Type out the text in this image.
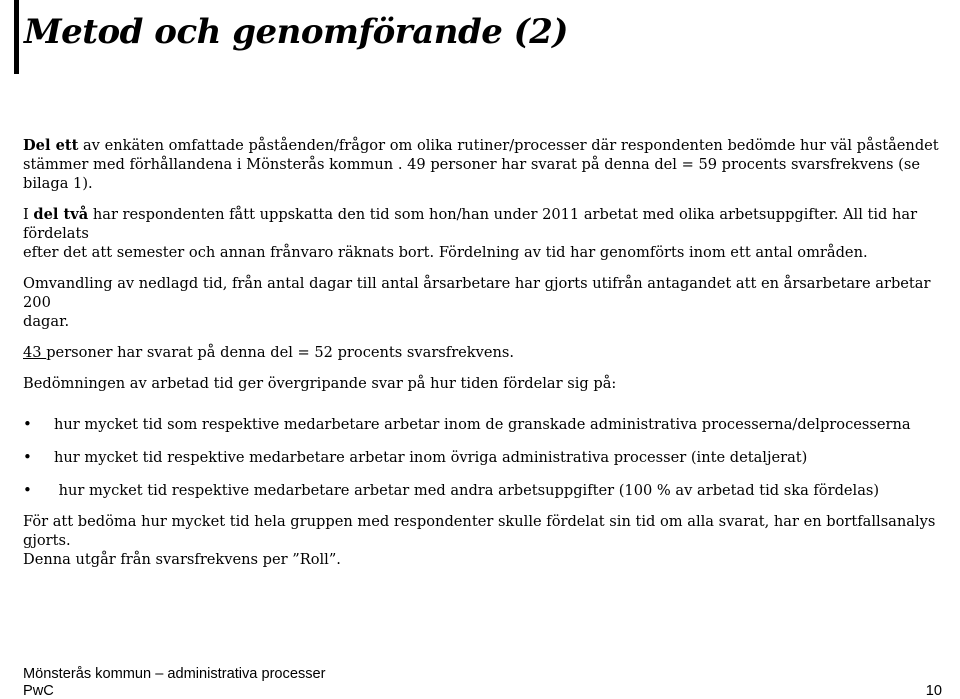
Metod och genomförande (2)

Del ett av enkäten omfattade påståenden/frågor om olika rutiner/processer där respondenten bedömde hur väl påståendet
stämmer med förhållandena i Mönsterås kommun . 49 personer har svarat på denna del = 59 procents svarsfrekvens (se bilaga 1).

I del två har respondenten fått uppskatta den tid som hon/han under 2011 arbetat med olika arbetsuppgifter. All tid har fördelats
efter det att semester och annan frånvaro räknats bort. Fördelning av tid har genomförts inom ett antal områden.

Omvandling av nedlagd tid, från antal dagar till antal årsarbetare har gjorts utifrån antagandet att en årsarbetare arbetar 200
dagar.

43 personer har svarat på denna del = 52 procents svarsfrekvens.

Bedömningen av arbetad tid ger övergripande svar på hur tiden fördelar sig på:

• hur mycket tid som respektive medarbetare arbetar inom de granskade administrativa processerna/delprocesserna
• hur mycket tid respektive medarbetare arbetar inom övriga administrativa processer (inte detaljerat)
• hur mycket tid respektive medarbetare arbetar med andra arbetsuppgifter (100 % av arbetad tid ska fördelas)

För att bedöma hur mycket tid hela gruppen med respondenter skulle fördelat sin tid om alla svarat, har en bortfallsanalys gjorts.
Denna utgår från svarsfrekvens per ”Roll”.

Mönsterås kommun – administrativa processer
PwC	10
